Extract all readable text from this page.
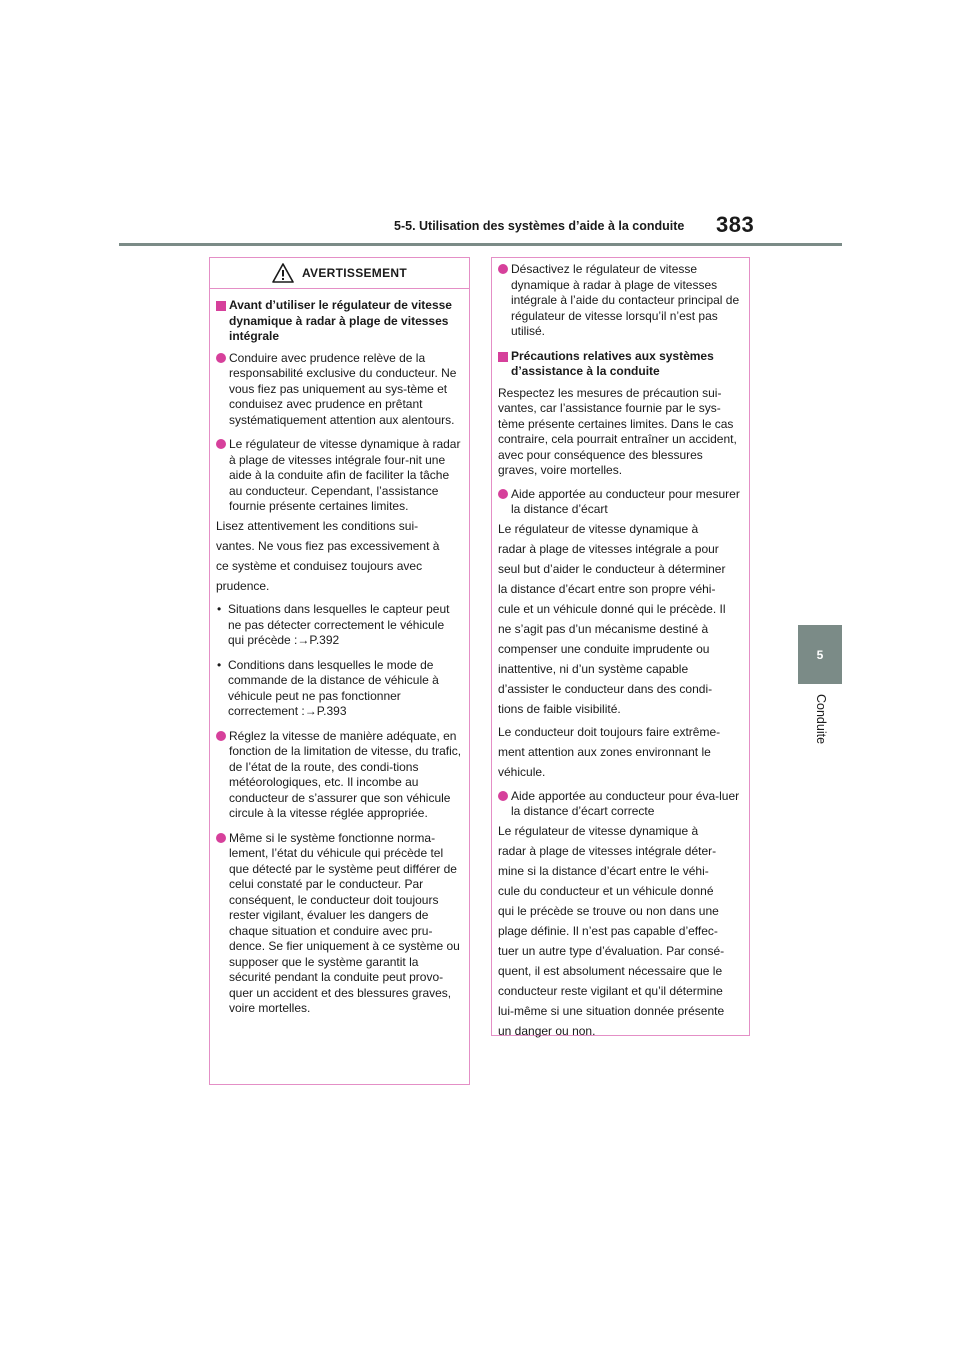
5-5. Utilisation des systèmes d’aide à la conduite	383
5
Conduite
AVERTISSEMENT
Avant d’utiliser le régulateur de vitesse dynamique à radar à plage de vitesses intégrale
Conduire avec prudence relève de la responsabilité exclusive du conducteur. Ne vous fiez pas uniquement au sys-tème et conduisez avec prudence en prêtant systématiquement attention aux alentours.
Le régulateur de vitesse dynamique à radar à plage de vitesses intégrale four-nit une aide à la conduite afin de faciliter la tâche au conducteur. Cependant, l’assistance fournie présente certaines limites.
Lisez attentivement les conditions sui-
vantes. Ne vous fiez pas excessivement à
ce système et conduisez toujours avec
prudence.
• Situations dans lesquelles le capteur peut ne pas détecter correctement le véhicule qui précède :→P.392
• Conditions dans lesquelles le mode de commande de la distance de véhicule à véhicule peut ne pas fonctionner correctement :→P.393
Réglez la vitesse de manière adéquate, en fonction de la limitation de vitesse, du trafic, de l’état de la route, des condi-tions météorologiques, etc. Il incombe au conducteur de s’assurer que son véhicule circule à la vitesse réglée appropriée.
Même si le système fonctionne norma-lement, l’état du véhicule qui précède tel que détecté par le système peut différer de celui constaté par le conducteur. Par conséquent, le conducteur doit toujours rester vigilant, évaluer les dangers de chaque situation et conduire avec pru-dence. Se fier uniquement à ce système ou supposer que le système garantit la sécurité pendant la conduite peut provo-quer un accident et des blessures graves, voire mortelles.
Désactivez le régulateur de vitesse dynamique à radar à plage de vitesses intégrale à l’aide du contacteur principal de régulateur de vitesse lorsqu’il n’est pas utilisé.
Précautions relatives aux systèmes d’assistance à la conduite
Respectez les mesures de précaution sui-vantes, car l’assistance fournie par le sys-tème présente certaines limites. Dans le cas contraire, cela pourrait entraîner un accident, avec pour conséquence des blessures graves, voire mortelles.
Aide apportée au conducteur pour mesurer la distance d’écart
Le régulateur de vitesse dynamique à
radar à plage de vitesses intégrale a pour
seul but d’aider le conducteur à déterminer
la distance d’écart entre son propre véhi-
cule et un véhicule donné qui le précède. Il
ne s’agit pas d’un mécanisme destiné à
compenser une conduite imprudente ou
inattentive, ni d’un système capable
d’assister le conducteur dans des condi-
tions de faible visibilité.
Le conducteur doit toujours faire extrême-
ment attention aux zones environnant le
véhicule.
Aide apportée au conducteur pour éva-luer la distance d’écart correcte
Le régulateur de vitesse dynamique à
radar à plage de vitesses intégrale déter-
mine si la distance d’écart entre le véhi-
cule du conducteur et un véhicule donné
qui le précède se trouve ou non dans une
plage définie. Il n’est pas capable d’effec-
tuer un autre type d’évaluation. Par consé-
quent, il est absolument nécessaire que le
conducteur reste vigilant et qu’il détermine
lui-même si une situation donnée présente
un danger ou non.
